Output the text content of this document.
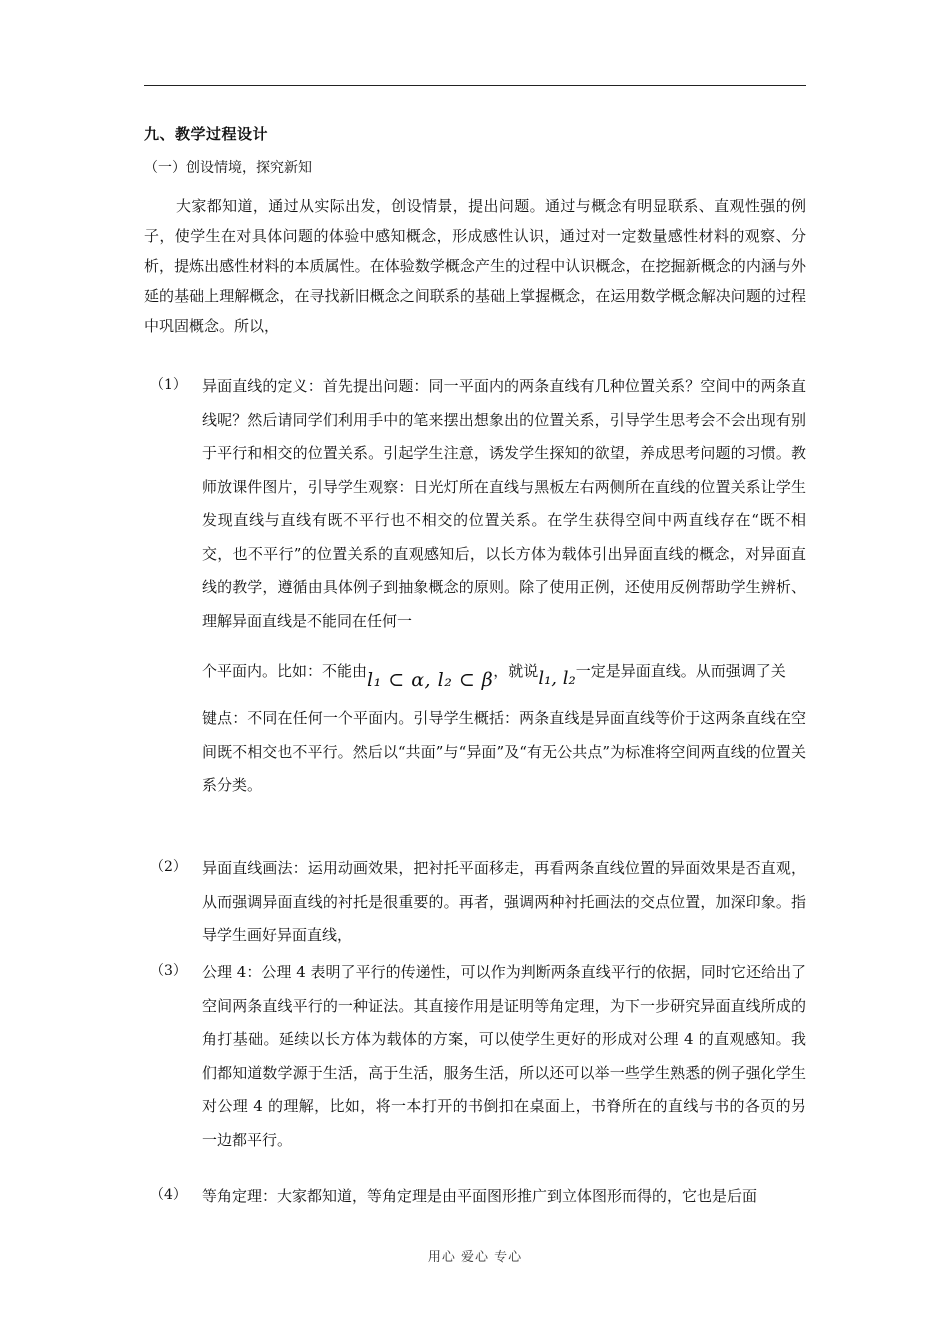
九、教学过程设计
（一）创设情境，探究新知

大家都知道，通过从实际出发，创设情景，提出问题。通过与概念有明显联系、直观性强的例子，使学生在对具体问题的体验中感知概念，形成感性认识，通过对一定数量感性材料的观察、分析，提炼出感性材料的本质属性。在体验数学概念产生的过程中认识概念，在挖掘新概念的内涵与外延的基础上理解概念，在寻找新旧概念之间联系的基础上掌握概念，在运用数学概念解决问题的过程中巩固概念。所以，

（1） 异面直线的定义：首先提出问题：同一平面内的两条直线有几种位置关系？空间中的两条直线呢？然后请同学们利用手中的笔来摆出想象出的位置关系，引导学生思考会不会出现有别于平行和相交的位置关系。引起学生注意，诱发学生探知的欲望，养成思考问题的习惯。教师放课件图片，引导学生观察：日光灯所在直线与黑板左右两侧所在直线的位置关系让学生发现直线与直线有既不平行也不相交的位置关系。在学生获得空间中两直线存在“既不相交，也不平行”的位置关系的直观感知后，以长方体为载体引出异面直线的概念，对异面直线的教学，遵循由具体例子到抽象概念的原则。除了使用正例，还使用反例帮助学生辨析、理解异面直线是不能同在任何一

个平面内。比如：不能由l₁ ⊂ α, l₂ ⊂ β，就说l₁, l₂一定是异面直线。从而强调了关

键点：不同在任何一个平面内。引导学生概括：两条直线是异面直线等价于这两条直线在空间既不相交也不平行。然后以“共面”与“异面”及“有无公共点”为标准将空间两直线的位置关系分类。

（2） 异面直线画法：运用动画效果，把衬托平面移走，再看两条直线位置的异面效果是否直观，从而强调异面直线的衬托是很重要的。再者，强调两种衬托画法的交点位置，加深印象。指导学生画好异面直线，

（3） 公理 4：公理 4 表明了平行的传递性，可以作为判断两条直线平行的依据，同时它还给出了空间两条直线平行的一种证法。其直接作用是证明等角定理，为下一步研究异面直线所成的角打基础。延续以长方体为载体的方案，可以使学生更好的形成对公理 4 的直观感知。我们都知道数学源于生活，高于生活，服务生活，所以还可以举一些学生熟悉的例子强化学生对公理 4 的理解，比如，将一本打开的书倒扣在桌面上，书脊所在的直线与书的各页的另一边都平行。

（4） 等角定理：大家都知道，等角定理是由平面图形推广到立体图形而得的，它也是后面

用心 爱心 专心
